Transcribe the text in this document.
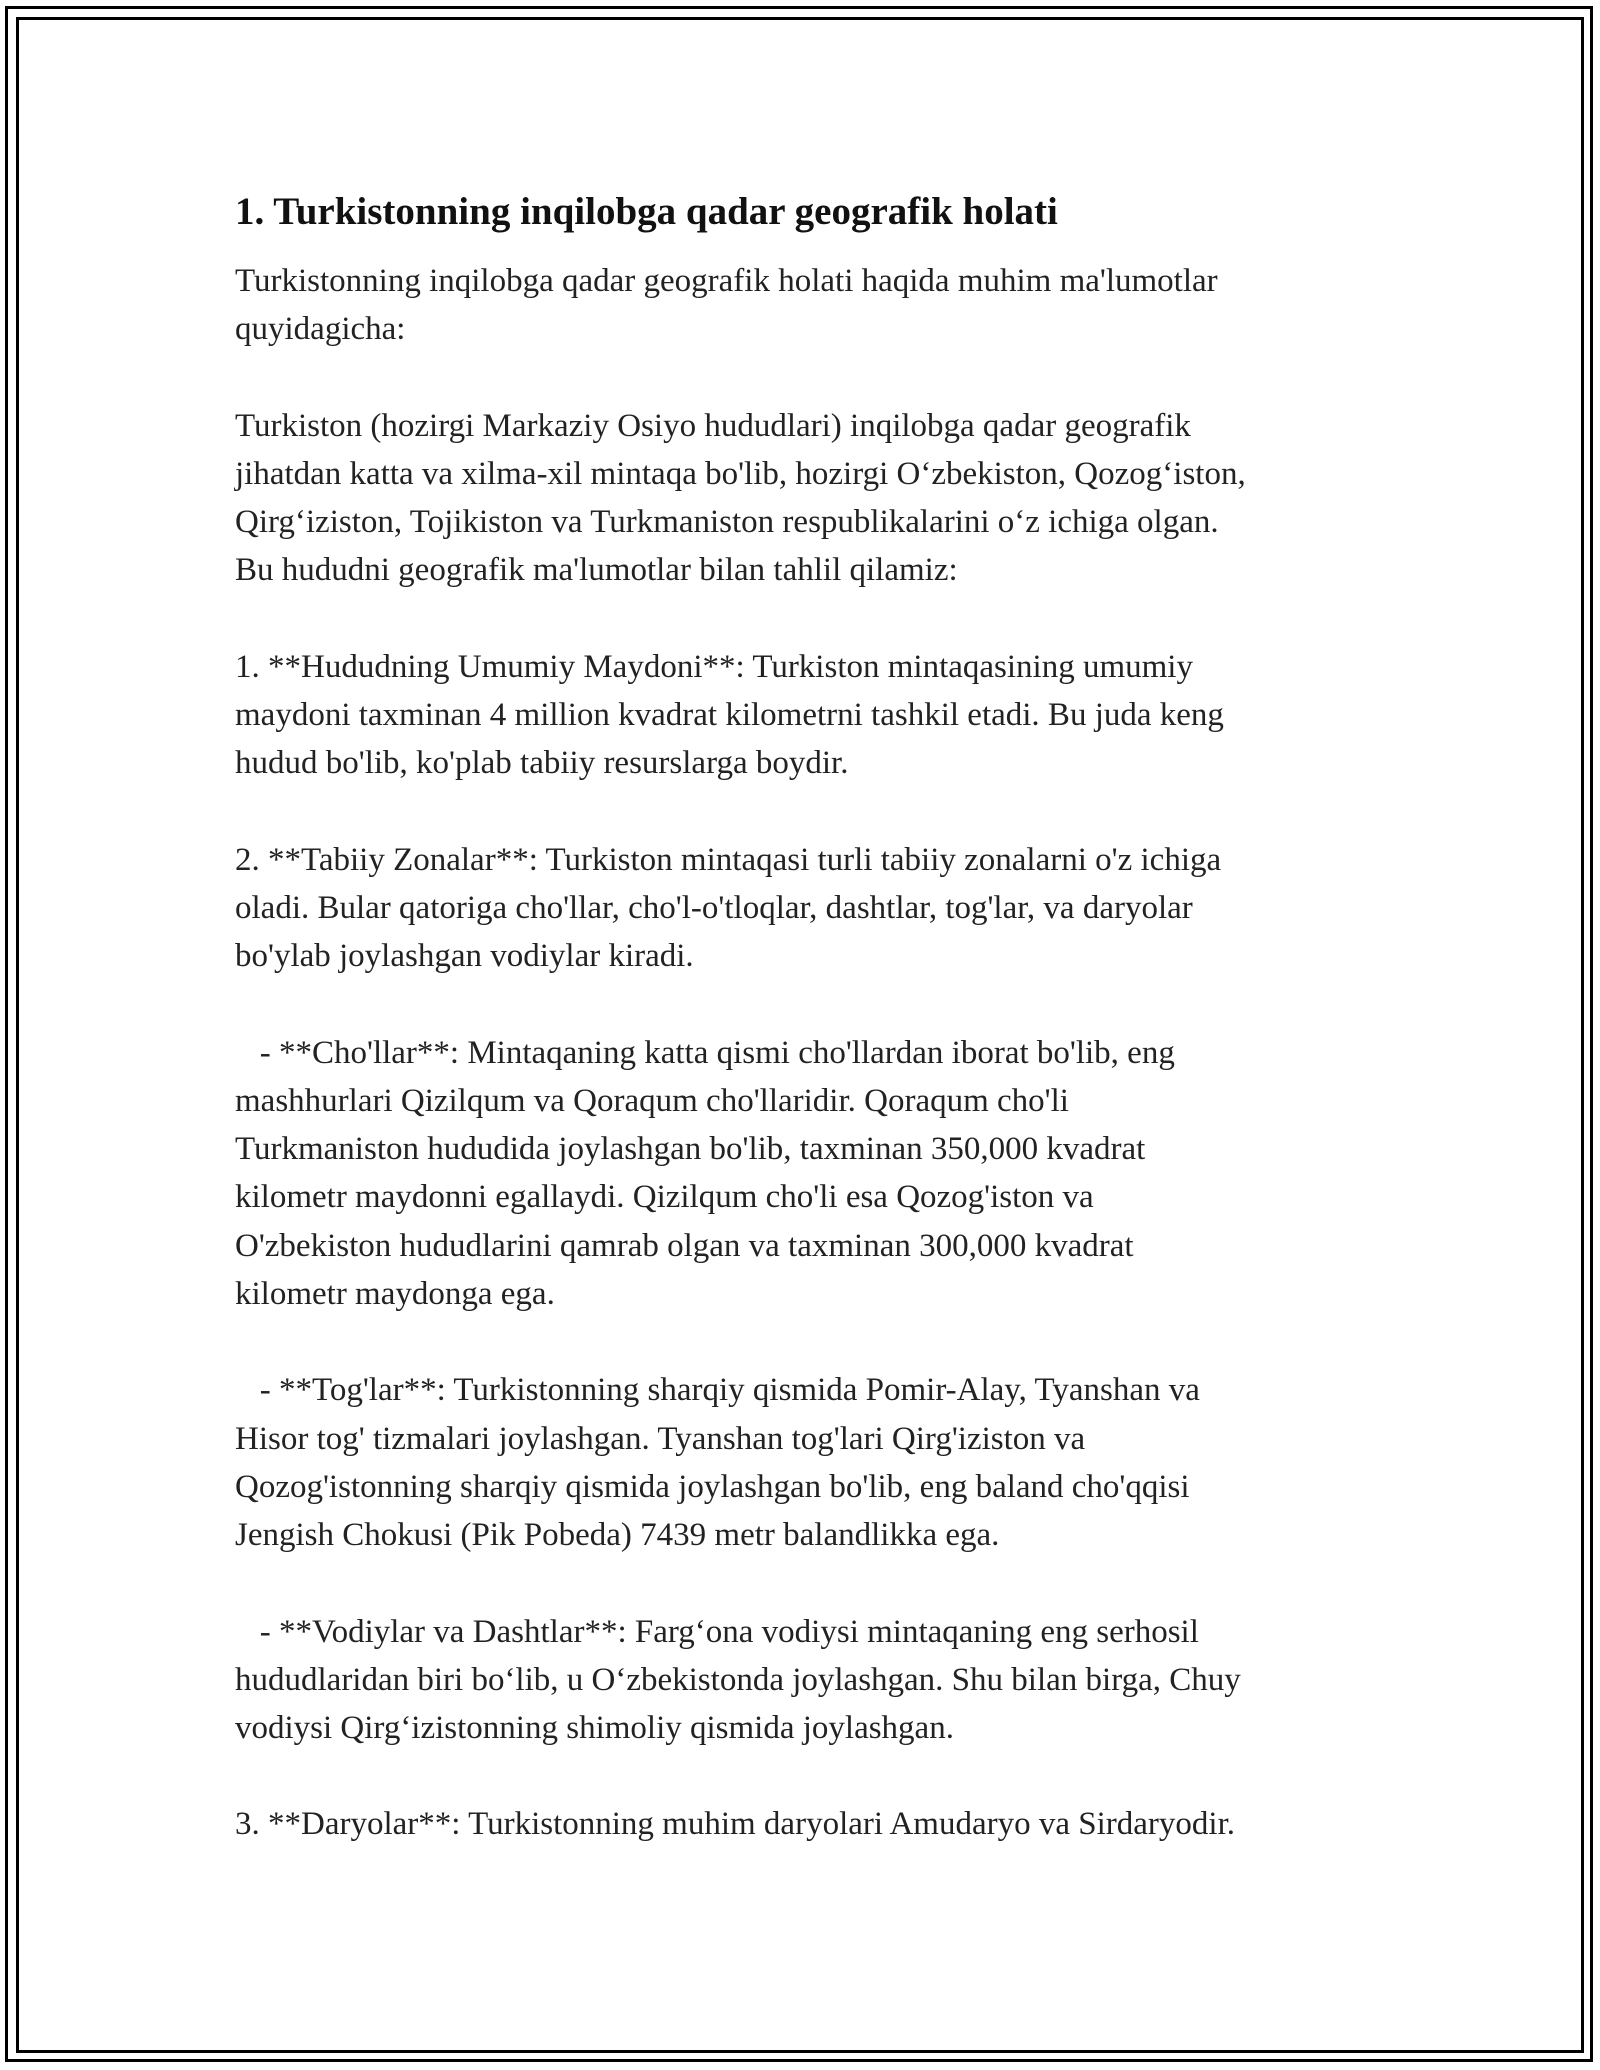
1. Turkistonning inqilobga qadar geografik holati
Turkistonning inqilobga qadar geografik holati haqida muhim ma'lumotlar
quyidagicha:
Turkiston (hozirgi Markaziy Osiyo hududlari) inqilobga qadar geografik
jihatdan katta va xilma-xil mintaqa bo'lib, hozirgi O‘zbekiston, Qozog‘iston,
Qirg‘iziston, Tojikiston va Turkmaniston respublikalarini o‘z ichiga olgan.
Bu hududni geografik ma'lumotlar bilan tahlil qilamiz:
1. **Hududning Umumiy Maydoni**: Turkiston mintaqasining umumiy
maydoni taxminan 4 million kvadrat kilometrni tashkil etadi. Bu juda keng
hudud bo'lib, ko'plab tabiiy resurslarga boydir.
2. **Tabiiy Zonalar**: Turkiston mintaqasi turli tabiiy zonalarni o'z ichiga
oladi. Bular qatoriga cho'llar, cho'l-o'tloqlar, dashtlar, tog'lar, va daryolar
bo'ylab joylashgan vodiylar kiradi.
- **Cho'llar**: Mintaqaning katta qismi cho'llardan iborat bo'lib, eng
mashhurlari Qizilqum va Qoraqum cho'llaridir. Qoraqum cho'li
Turkmaniston hududida joylashgan bo'lib, taxminan 350,000 kvadrat
kilometr maydonni egallaydi. Qizilqum cho'li esa Qozog'iston va
O'zbekiston hududlarini qamrab olgan va taxminan 300,000 kvadrat
kilometr maydonga ega.
- **Tog'lar**: Turkistonning sharqiy qismida Pomir-Alay, Tyanshan va
Hisor tog' tizmalari joylashgan. Tyanshan tog'lari Qirg'iziston va
Qozog'istonning sharqiy qismida joylashgan bo'lib, eng baland cho'qqisi
Jengish Chokusi (Pik Pobeda) 7439 metr balandlikka ega.
- **Vodiylar va Dashtlar**: Farg‘ona vodiysi mintaqaning eng serhosil
hududlaridan biri bo‘lib, u O‘zbekistonda joylashgan. Shu bilan birga, Chuy
vodiysi Qirg‘izistonning shimoliy qismida joylashgan.
3. **Daryolar**: Turkistonning muhim daryolari Amudaryo va Sirdaryodir.
